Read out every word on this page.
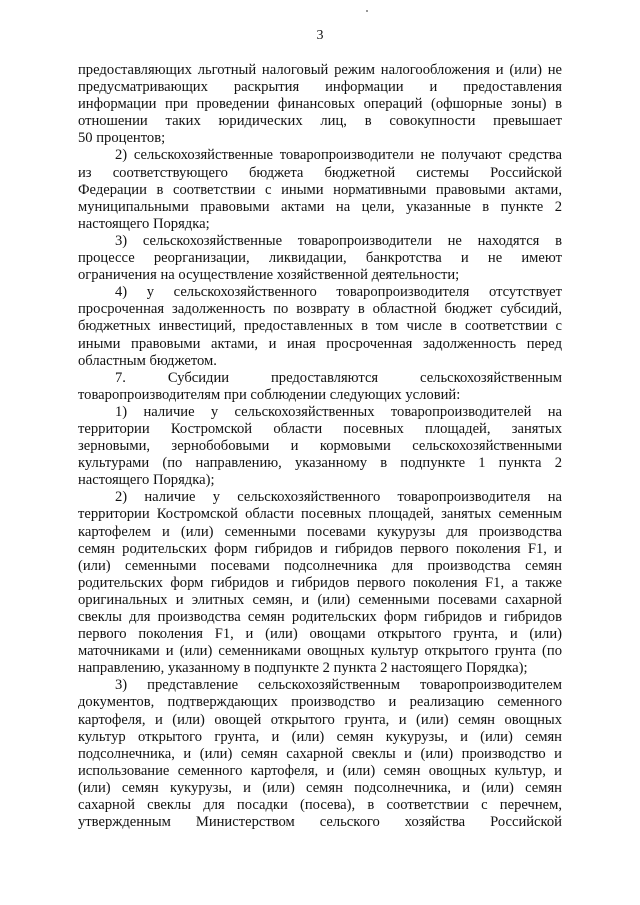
3
предоставляющих льготный налоговый режим налогообложения и (или) не
предусматривающих раскрытия информации и предоставления
информации при проведении финансовых операций (офшорные зоны) в
отношении таких юридических лиц, в совокупности превышает
50 процентов;
2) сельскохозяйственные товаропроизводители не получают средства
из соответствующего бюджета бюджетной системы Российской
Федерации в соответствии с иными нормативными правовыми актами,
муниципальными правовыми актами на цели, указанные в пункте 2
настоящего Порядка;
3) сельскохозяйственные товаропроизводители не находятся в
процессе реорганизации, ликвидации, банкротства и не имеют
ограничения на осуществление хозяйственной деятельности;
4) у сельскохозяйственного товаропроизводителя отсутствует
просроченная задолженность по возврату в областной бюджет субсидий,
бюджетных инвестиций, предоставленных в том числе в соответствии с
иными правовыми актами, и иная просроченная задолженность перед
областным бюджетом.
7. Субсидии предоставляются сельскохозяйственным
товаропроизводителям при соблюдении следующих условий:
1) наличие у сельскохозяйственных товаропроизводителей на
территории Костромской области посевных площадей, занятых
зерновыми, зернобобовыми и кормовыми сельскохозяйственными
культурами (по направлению, указанному в подпункте 1 пункта 2
настоящего Порядка);
2) наличие у сельскохозяйственного товаропроизводителя на
территории Костромской области посевных площадей, занятых семенным
картофелем и (или) семенными посевами кукурузы для производства
семян родительских форм гибридов и гибридов первого поколения F1, и
(или) семенными посевами подсолнечника для производства семян
родительских форм гибридов и гибридов первого поколения F1, а также
оригинальных и элитных семян, и (или) семенными посевами сахарной
свеклы для производства семян родительских форм гибридов и гибридов
первого поколения F1, и (или) овощами открытого грунта, и (или)
маточниками и (или) семенниками овощных культур открытого грунта (по
направлению, указанному в подпункте 2 пункта 2 настоящего Порядка);
3) представление сельскохозяйственным товаропроизводителем
документов, подтверждающих производство и реализацию семенного
картофеля, и (или) овощей открытого грунта, и (или) семян овощных
культур открытого грунта, и (или) семян кукурузы, и (или) семян
подсолнечника, и (или) семян сахарной свеклы и (или) производство и
использование семенного картофеля, и (или) семян овощных культур, и
(или) семян кукурузы, и (или) семян подсолнечника, и (или) семян
сахарной свеклы для посадки (посева), в соответствии с перечнем,
утвержденным Министерством сельского хозяйства Российской
